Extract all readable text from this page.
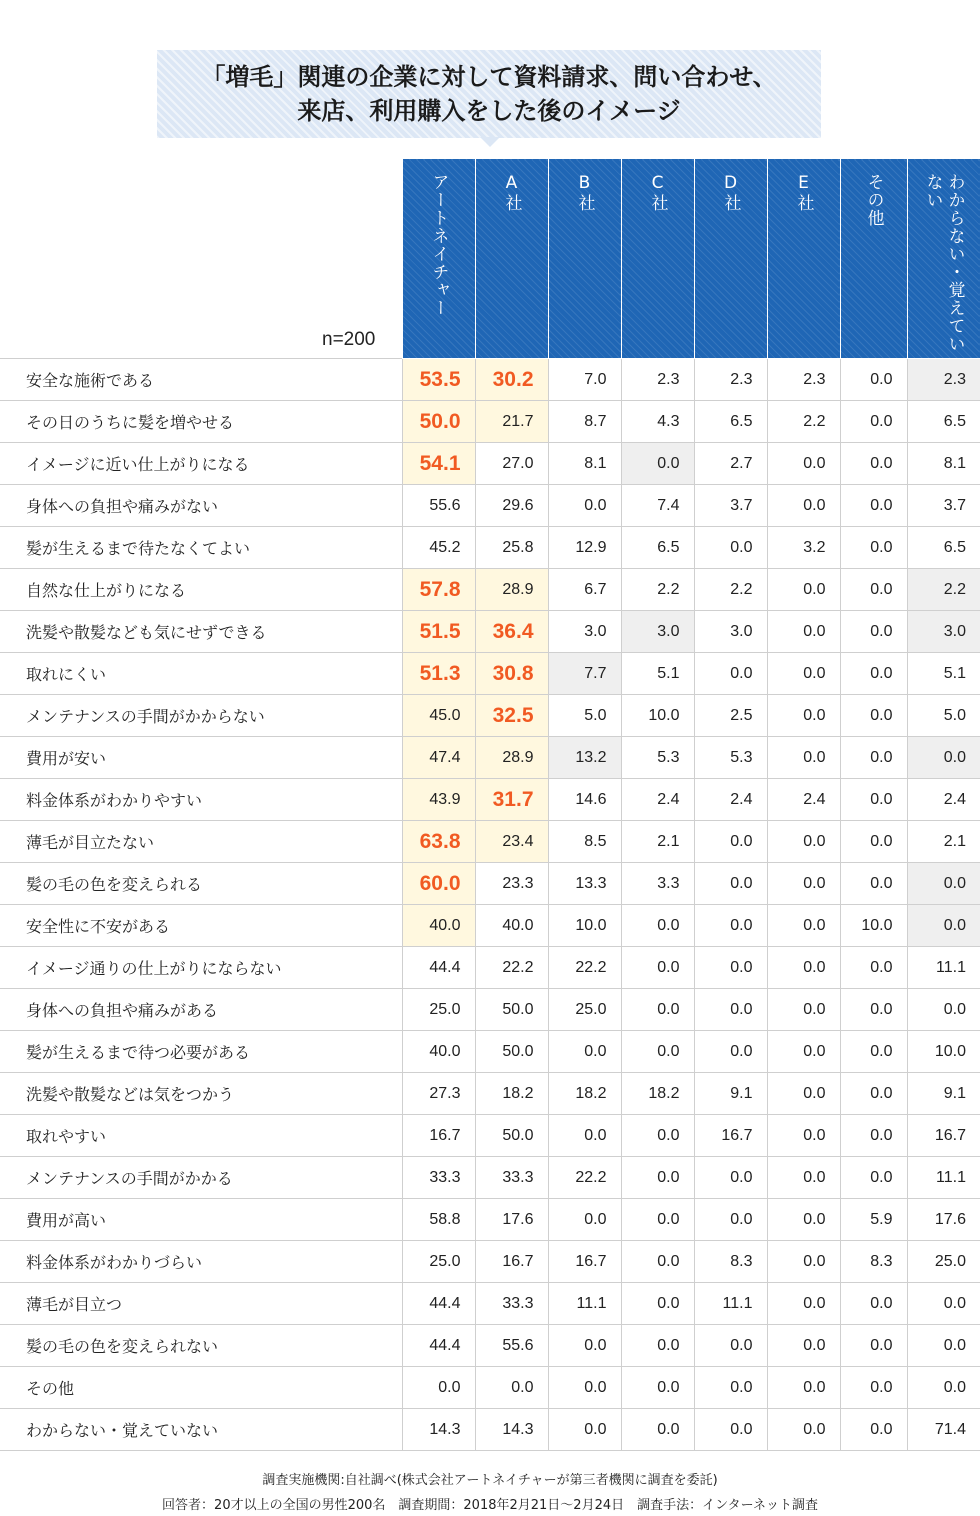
「増毛」関連の企業に対して資料請求、問い合わせ、
来店、利用購入をした後のイメージ
	アートネイチャー	A社	B社	C社	D社	E社	その他	わからない・覚えていない
安全な施術である	53.5	30.2	7.0	2.3	2.3	2.3	0.0	2.3
その日のうちに髪を増やせる	50.0	21.7	8.7	4.3	6.5	2.2	0.0	6.5
イメージに近い仕上がりになる	54.1	27.0	8.1	0.0	2.7	0.0	0.0	8.1
身体への負担や痛みがない	55.6	29.6	0.0	7.4	3.7	0.0	0.0	3.7
髪が生えるまで待たなくてよい	45.2	25.8	12.9	6.5	0.0	3.2	0.0	6.5
自然な仕上がりになる	57.8	28.9	6.7	2.2	2.2	0.0	0.0	2.2
洗髪や散髪なども気にせずできる	51.5	36.4	3.0	3.0	3.0	0.0	0.0	3.0
取れにくい	51.3	30.8	7.7	5.1	0.0	0.0	0.0	5.1
メンテナンスの手間がかからない	45.0	32.5	5.0	10.0	2.5	0.0	0.0	5.0
費用が安い	47.4	28.9	13.2	5.3	5.3	0.0	0.0	0.0
料金体系がわかりやすい	43.9	31.7	14.6	2.4	2.4	2.4	0.0	2.4
薄毛が目立たない	63.8	23.4	8.5	2.1	0.0	0.0	0.0	2.1
髪の毛の色を変えられる	60.0	23.3	13.3	3.3	0.0	0.0	0.0	0.0
安全性に不安がある	40.0	40.0	10.0	0.0	0.0	0.0	10.0	0.0
イメージ通りの仕上がりにならない	44.4	22.2	22.2	0.0	0.0	0.0	0.0	11.1
身体への負担や痛みがある	25.0	50.0	25.0	0.0	0.0	0.0	0.0	0.0
髪が生えるまで待つ必要がある	40.0	50.0	0.0	0.0	0.0	0.0	0.0	10.0
洗髪や散髪などは気をつかう	27.3	18.2	18.2	18.2	9.1	0.0	0.0	9.1
取れやすい	16.7	50.0	0.0	0.0	16.7	0.0	0.0	16.7
メンテナンスの手間がかかる	33.3	33.3	22.2	0.0	0.0	0.0	0.0	11.1
費用が高い	58.8	17.6	0.0	0.0	0.0	0.0	5.9	17.6
料金体系がわかりづらい	25.0	16.7	16.7	0.0	8.3	0.0	8.3	25.0
薄毛が目立つ	44.4	33.3	11.1	0.0	11.1	0.0	0.0	0.0
髪の毛の色を変えられない	44.4	55.6	0.0	0.0	0.0	0.0	0.0	0.0
その他	0.0	0.0	0.0	0.0	0.0	0.0	0.0	0.0
わからない・覚えていない	14.3	14.3	0.0	0.0	0.0	0.0	0.0	71.4
n=200
調査実施機関:自社調べ(株式会社アートネイチャーが第三者機関に調査を委託)
回答者：20才以上の全国の男性200名　調査期間：2018年2月21日〜2月24日　調査手法：インターネット調査
